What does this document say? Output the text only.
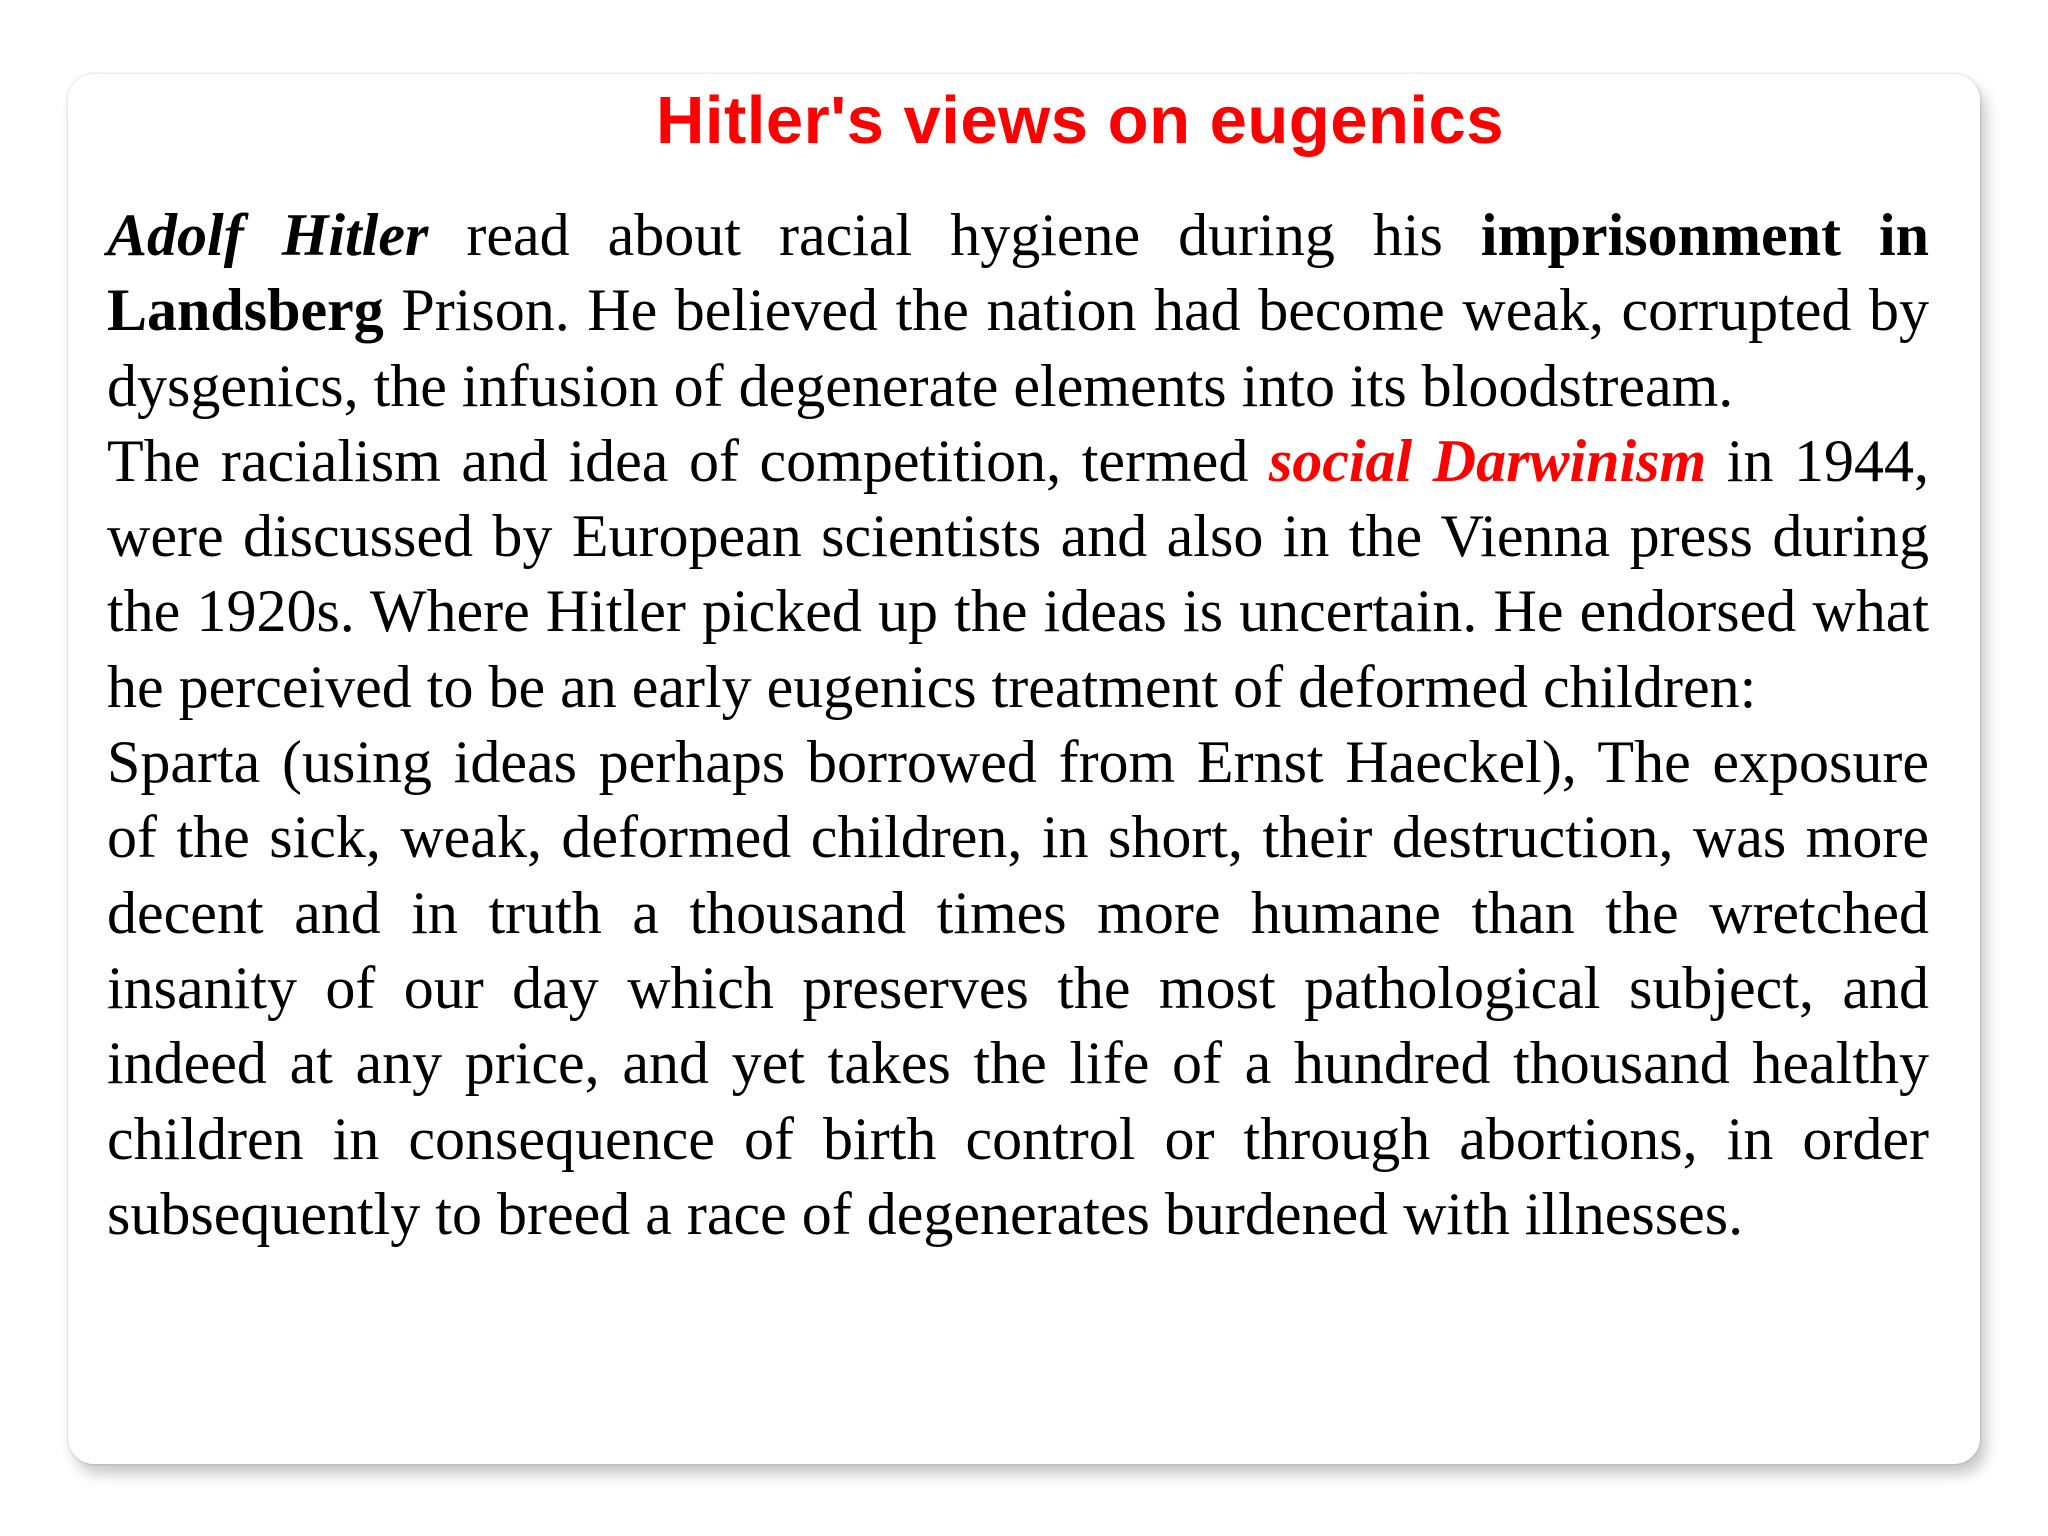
Hitler's views on eugenics

Adolf Hitler read about racial hygiene during his imprisonment in Landsberg Prison. He believed the nation had become weak, corrupted by dysgenics, the infusion of degenerate elements into its bloodstream.

The racialism and idea of competition, termed social Darwinism in 1944, were discussed by European scientists and also in the Vienna press during the 1920s. Where Hitler picked up the ideas is uncertain. He endorsed what he perceived to be an early eugenics treatment of deformed children:

Sparta (using ideas perhaps borrowed from Ernst Haeckel), The exposure of the sick, weak, deformed children, in short, their destruction, was more decent and in truth a thousand times more humane than the wretched insanity of our day which preserves the most pathological subject, and indeed at any price, and yet takes the life of a hundred thousand healthy children in consequence of birth control or through abortions, in order subsequently to breed a race of degenerates burdened with illnesses.
